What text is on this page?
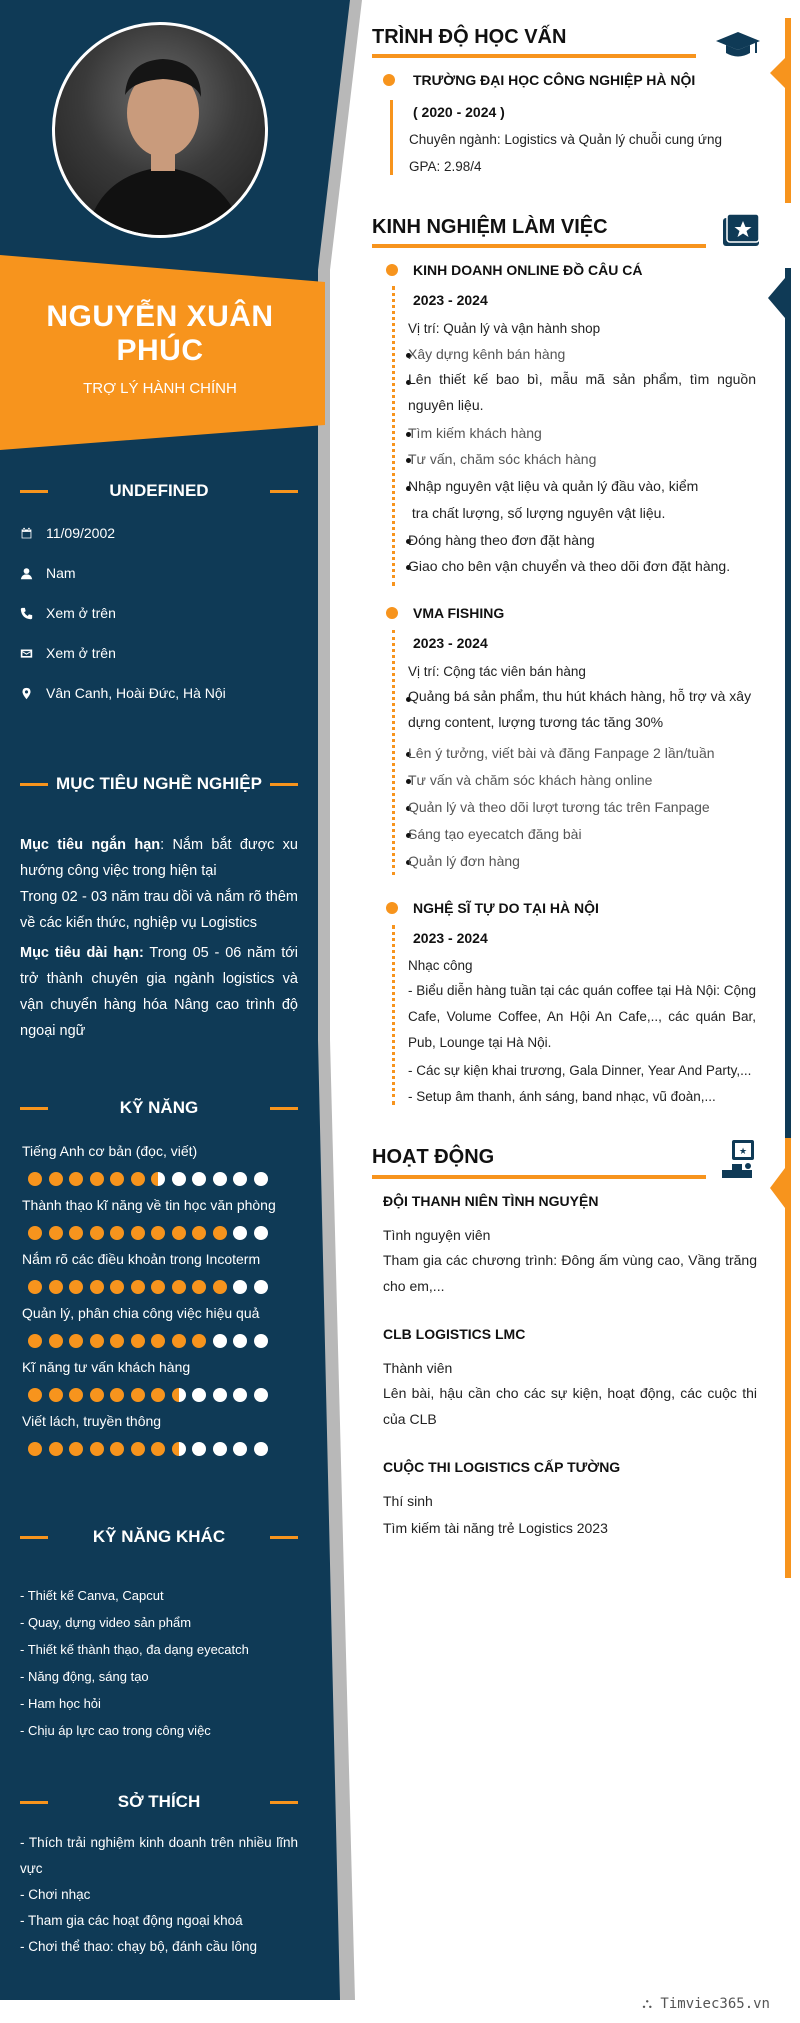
NGUYỄN XUÂN PHÚC
TRỢ LÝ HÀNH CHÍNH
UNDEFINED
11/09/2002
Nam
Xem ở trên
Xem ở trên
Vân Canh, Hoài Đức, Hà Nội
MỤC TIÊU NGHỀ NGHIỆP
Mục tiêu ngắn hạn: Nắm bắt được xu hướng công việc trong hiện tại
Trong 02 - 03 năm trau dồi và nắm rõ thêm về các kiến thức, nghiệp vụ Logistics
Mục tiêu dài hạn: Trong 05 - 06 năm tới trở thành chuyên gia ngành logistics và vận chuyển hàng hóa Nâng cao trình độ ngoại ngữ
KỸ NĂNG
Tiếng Anh cơ bản (đọc, viết)
Thành thạo kĩ năng về tin học văn phòng
Nắm rõ các điều khoản trong Incoterm
Quản lý, phân chia công việc hiệu quả
Kĩ năng tư vấn khách hàng
Viết lách, truyền thông
KỸ NĂNG KHÁC
- Thiết kế Canva, Capcut
- Quay, dựng video sản phẩm
- Thiết kế thành thạo, đa dạng eyecatch
- Năng động, sáng tạo
- Ham học hỏi
- Chịu áp lực cao trong công việc
SỞ THÍCH
- Thích trải nghiệm kinh doanh trên nhiều lĩnh vực
- Chơi nhạc
- Tham gia các hoạt động ngoại khoá
- Chơi thể thao: chạy bộ, đánh cầu lông
TRÌNH ĐỘ HỌC VẤN
TRƯỜNG ĐẠI HỌC CÔNG NGHIỆP HÀ NỘI
( 2020 - 2024 )
Chuyên ngành: Logistics và Quản lý chuỗi cung ứng
GPA: 2.98/4
KINH NGHIỆM LÀM VIỆC
KINH DOANH ONLINE ĐỒ CÂU CÁ
2023 - 2024
Vị trí: Quản lý và vận hành shop
Xây dựng kênh bán hàng
Lên thiết kế bao bì, mẫu mã sản phẩm, tìm nguồn nguyên liệu.
Tìm kiếm khách hàng
Tư vấn, chăm sóc khách hàng
Nhập nguyên vật liệu và quản lý đầu vào, kiểm
tra chất lượng, số lượng nguyên vật liệu.
Đóng hàng theo đơn đặt hàng
Giao cho bên vận chuyển và theo dõi đơn đặt hàng.
VMA FISHING
2023 - 2024
Vị trí: Cộng tác viên bán hàng
Quảng bá sản phẩm, thu hút khách hàng, hỗ trợ và xây dựng content, lượng tương tác tăng 30%
Lên ý tưởng, viết bài và đăng Fanpage 2 lần/tuần
Tư vấn và chăm sóc khách hàng online
Quản lý và theo dõi lượt tương tác trên Fanpage
Sáng tạo eyecatch đăng bài
Quản lý đơn hàng
NGHỆ SĨ TỰ DO TẠI HÀ NỘI
2023 - 2024
Nhạc công
- Biểu diễn hàng tuần tại các quán coffee tại Hà Nội: Cộng Cafe, Volume Coffee, An Hội An Cafe,.., các quán Bar, Pub, Lounge tại Hà Nội.
- Các sự kiện khai trương, Gala Dinner, Year And Party,...
- Setup âm thanh, ánh sáng, band nhạc, vũ đoàn,...
HOẠT ĐỘNG	★
ĐỘI THANH NIÊN TÌNH NGUYỆN
Tình nguyện viên
Tham gia các chương trình: Đông ấm vùng cao, Vầng trăng cho em,...
CLB LOGISTICS LMC
Thành viên
Lên bài, hậu cần cho các sự kiện, hoạt động, các cuộc thi của CLB
CUỘC THI LOGISTICS CẤP TƯỜNG
Thí sinh
Tìm kiếm tài năng trẻ Logistics 2023
⛬ Timviec365.vn
